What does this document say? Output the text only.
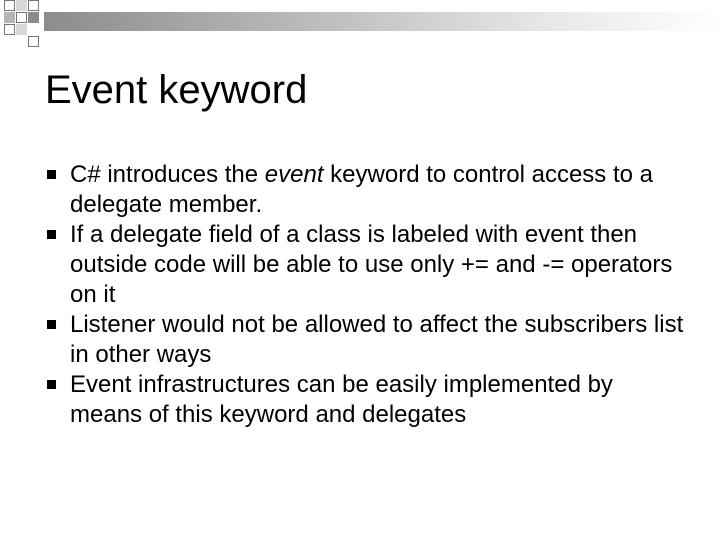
Event keyword
C# introduces the event keyword to control access to a delegate member.
If a delegate field of a class is labeled with event then outside code will be able to use only += and -= operators on it
Listener would not be allowed to affect the subscribers list in other ways
Event infrastructures can be easily implemented by means of this keyword and delegates
